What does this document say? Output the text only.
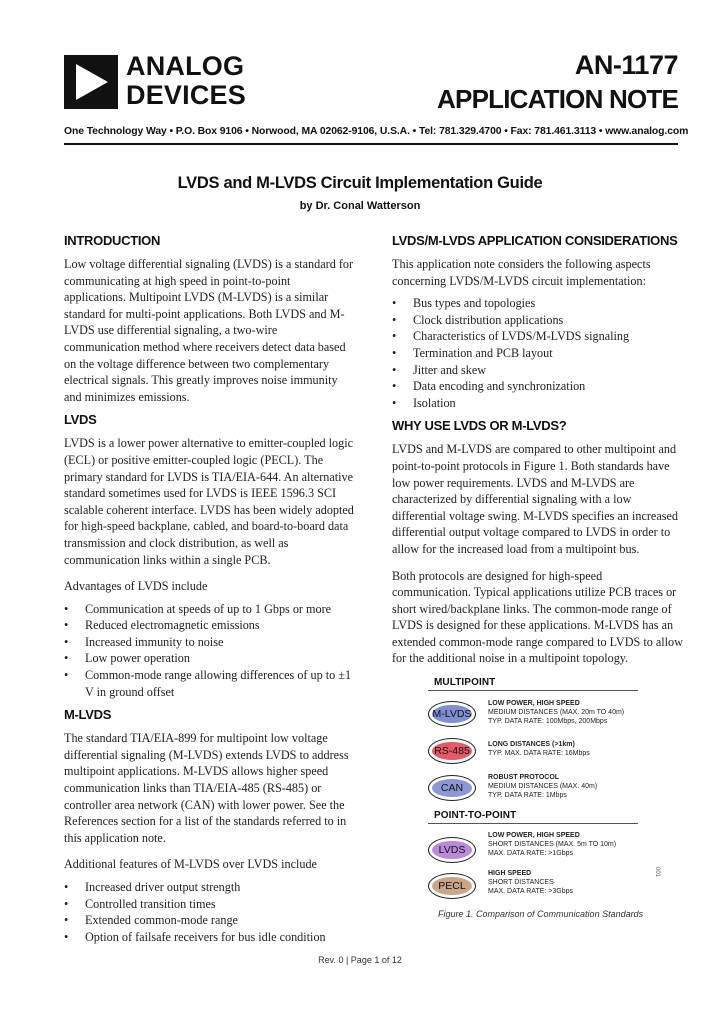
ANALOG
DEVICES
AN-1177
APPLICATION NOTE
One Technology Way • P.O. Box 9106 • Norwood, MA 02062-9106, U.S.A. • Tel: 781.329.4700 • Fax: 781.461.3113 • www.analog.com
LVDS and M-LVDS Circuit Implementation Guide
by Dr. Conal Watterson
INTRODUCTION

Low voltage differential signaling (LVDS) is a standard for communicating at high speed in point-to-point applications. Multipoint LVDS (M-LVDS) is a similar standard for multi-point applications. Both LVDS and M-LVDS use differential signaling, a two-wire communication method where receivers detect data based on the voltage difference between two complementary electrical signals. This greatly improves noise immunity and minimizes emissions.

LVDS

LVDS is a lower power alternative to emitter-coupled logic (ECL) or positive emitter-coupled logic (PECL). The primary standard for LVDS is TIA/EIA-644. An alternative standard sometimes used for LVDS is IEEE 1596.3 SCI scalable coherent interface. LVDS has been widely adopted for high-speed backplane, cabled, and board-to-board data transmission and clock distribution, as well as communication links within a single PCB.

Advantages of LVDS include

• Communication at speeds of up to 1 Gbps or more
• Reduced electromagnetic emissions
• Increased immunity to noise
• Low power operation
• Common-mode range allowing differences of up to ±1 V in ground offset
M-LVDS

The standard TIA/EIA-899 for multipoint low voltage differential signaling (M-LVDS) extends LVDS to address multipoint applications. M-LVDS allows higher speed communication links than TIA/EIA-485 (RS-485) or controller area network (CAN) with lower power. See the References section for a list of the standards referred to in this application note.

Additional features of M-LVDS over LVDS include

• Increased driver output strength
• Controlled transition times
• Extended common-mode range
• Option of failsafe receivers for bus idle condition
LVDS/M-LVDS APPLICATION CONSIDERATIONS

This application note considers the following aspects concerning LVDS/M-LVDS circuit implementation:

• Bus types and topologies
• Clock distribution applications
• Characteristics of LVDS/M-LVDS signaling
• Termination and PCB layout
• Jitter and skew
• Data encoding and synchronization
• Isolation
WHY USE LVDS OR M-LVDS?

LVDS and M-LVDS are compared to other multipoint and point-to-point protocols in Figure 1. Both standards have low power requirements. LVDS and M-LVDS are characterized by differential signaling with a low differential voltage swing. M-LVDS specifies an increased differential output voltage compared to LVDS in order to allow for the increased load from a multipoint bus.

Both protocols are designed for high-speed communication. Typical applications utilize PCB traces or short wired/backplane links. The common-mode range of LVDS is designed for these applications. M-LVDS has an extended common-mode range compared to LVDS to allow for the additional noise in a multipoint topology.

MULTIPOINT
M-LVDS
LOW POWER, HIGH SPEED
MEDIUM DISTANCES (MAX. 20m TO 40m)
TYP. DATA RATE: 100Mbps, 200Mbps
RS-485
LONG DISTANCES (>1km)
TYP. MAX. DATA RATE: 16Mbps
CAN
ROBUST PROTOCOL
MEDIUM DISTANCES (MAX. 40m)
TYP. DATA RATE: 1Mbps
POINT-TO-POINT
LVDS
LOW POWER, HIGH SPEED
SHORT DISTANCES (MAX. 5m TO 10m)
MAX. DATA RATE: >1Gbps
PECL
HIGH SPEED
SHORT DISTANCES
MAX. DATA RATE: >3Gbps
001
Figure 1. Comparison of Communication Standards
Rev. 0 | Page 1 of 12
